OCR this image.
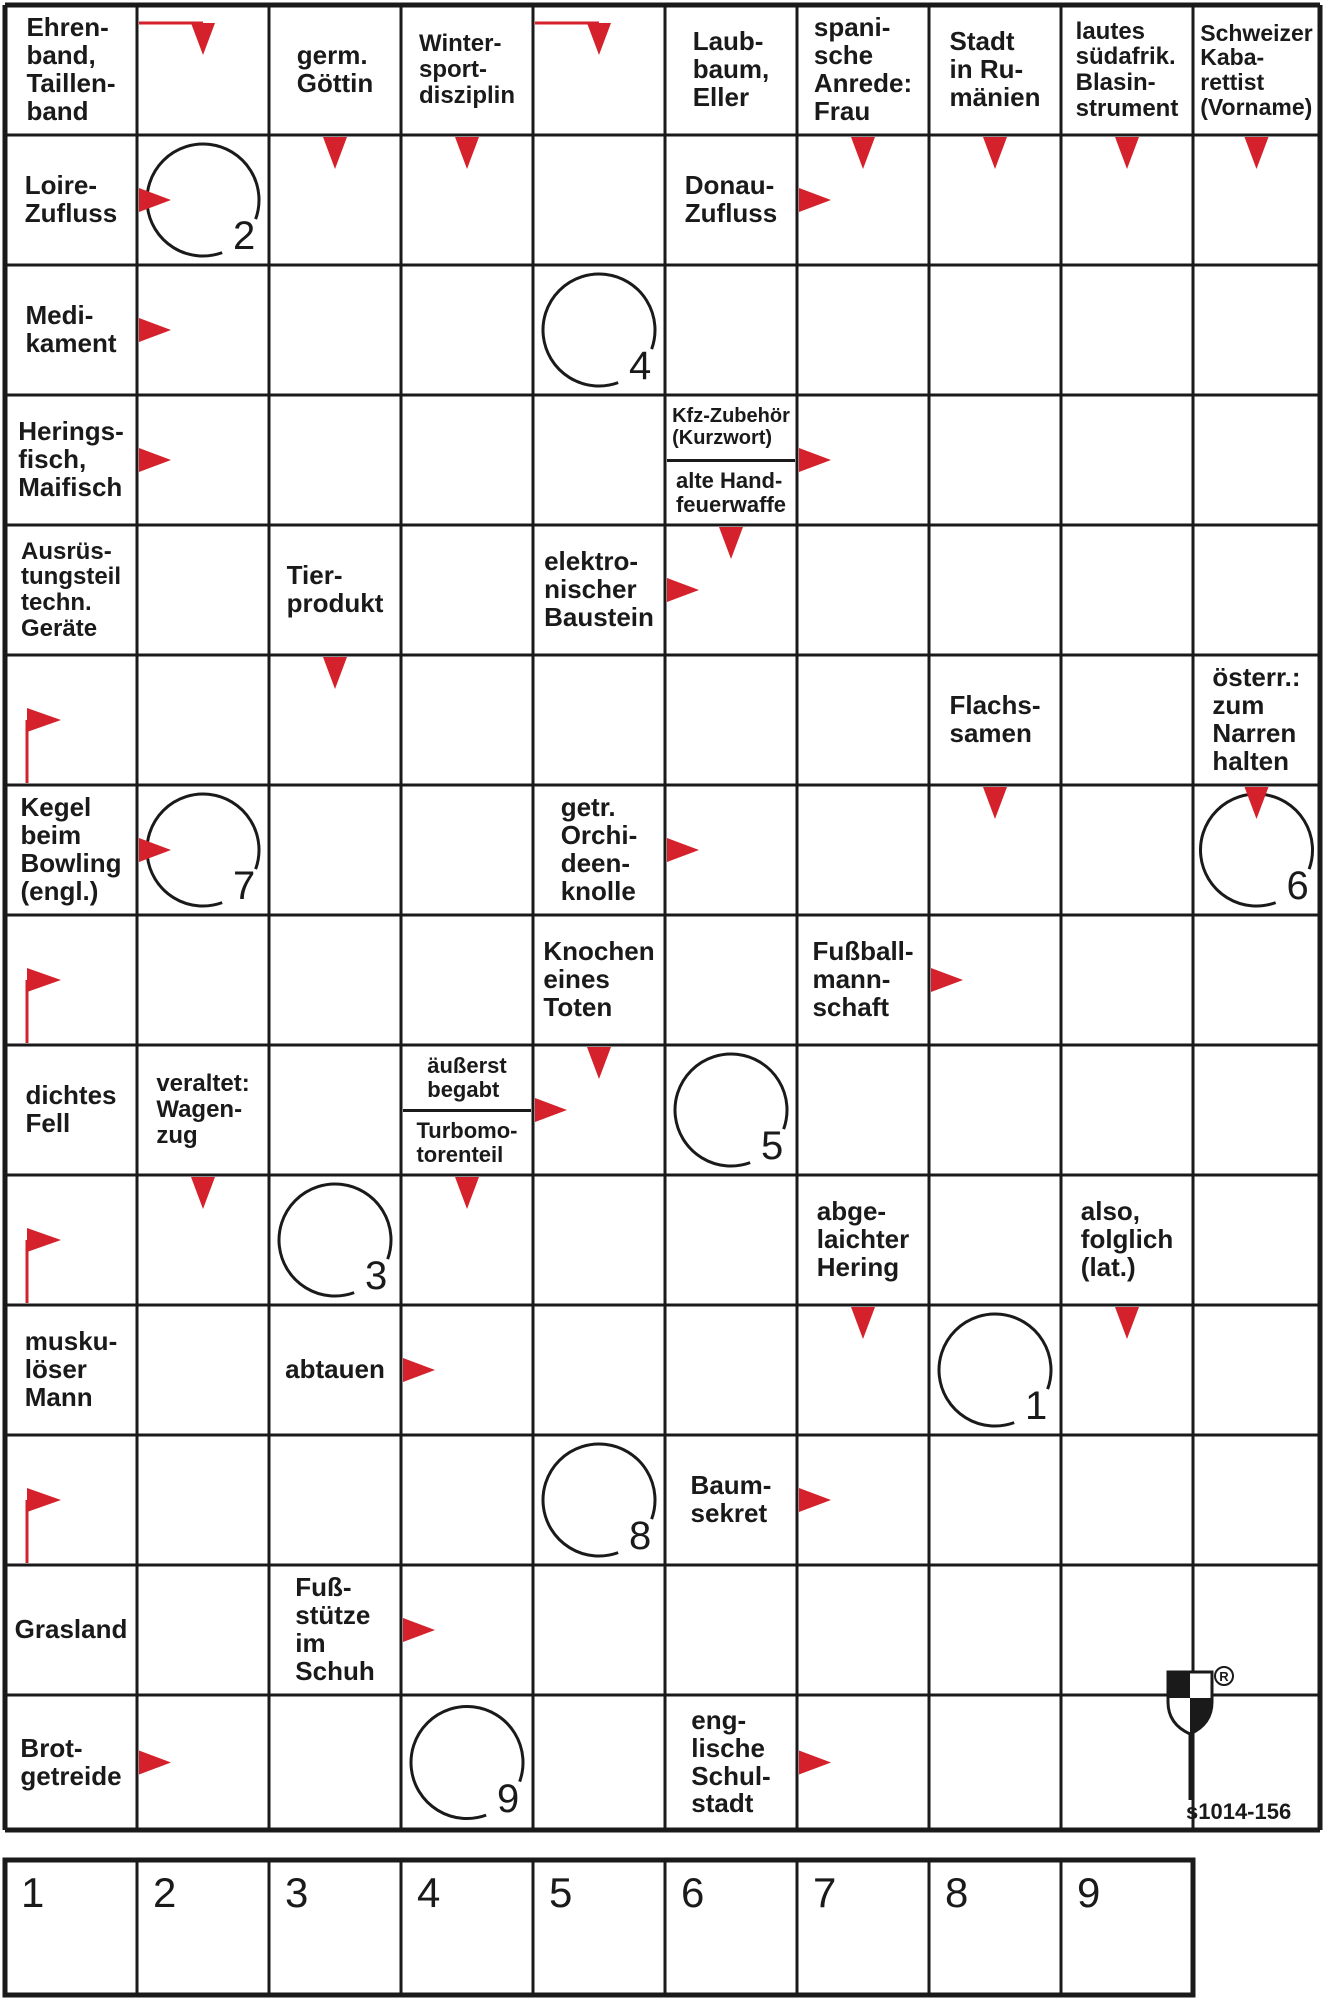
R
Ehren-
band,
Taillen-
band
germ.
Göttin
Winter-
sport-
disziplin
Laub-
baum,
Eller
spani-
sche
Anrede:
Frau
Stadt
in Ru-
mänien
lautes
südafrik.
Blasin-
strument
Schweizer
Kaba-
rettist
(Vorname)
Loire-
Zufluss
Donau-
Zufluss
Medi-
kament
Herings-
fisch,
Maifisch
Kfz-Zubehör
(Kurzwort)
alte Hand-
feuerwaffe
Ausrüs-
tungsteil
techn.
Geräte
Tier-
produkt
elektro-
nischer
Baustein
Flachs-
samen
österr.:
zum
Narren
halten
Kegel
beim
Bowling
(engl.)
getr.
Orchi-
deen-
knolle
Knochen
eines
Toten
Fußball-
mann-
schaft
dichtes
Fell
veraltet:
Wagen-
zug
äußerst
begabt
Turbomo-
torenteil
abge-
laichter
Hering
also,
folglich
(lat.)
musku-
löser
Mann
abtauen
Baum-
sekret
Grasland
Fuß-
stütze
im
Schuh
Brot-
getreide
eng-
lische
Schul-
stadt
2
4
7	6
5
3
1
8
9	s1014-156
1	2	3	4	5	6	7	8	9
